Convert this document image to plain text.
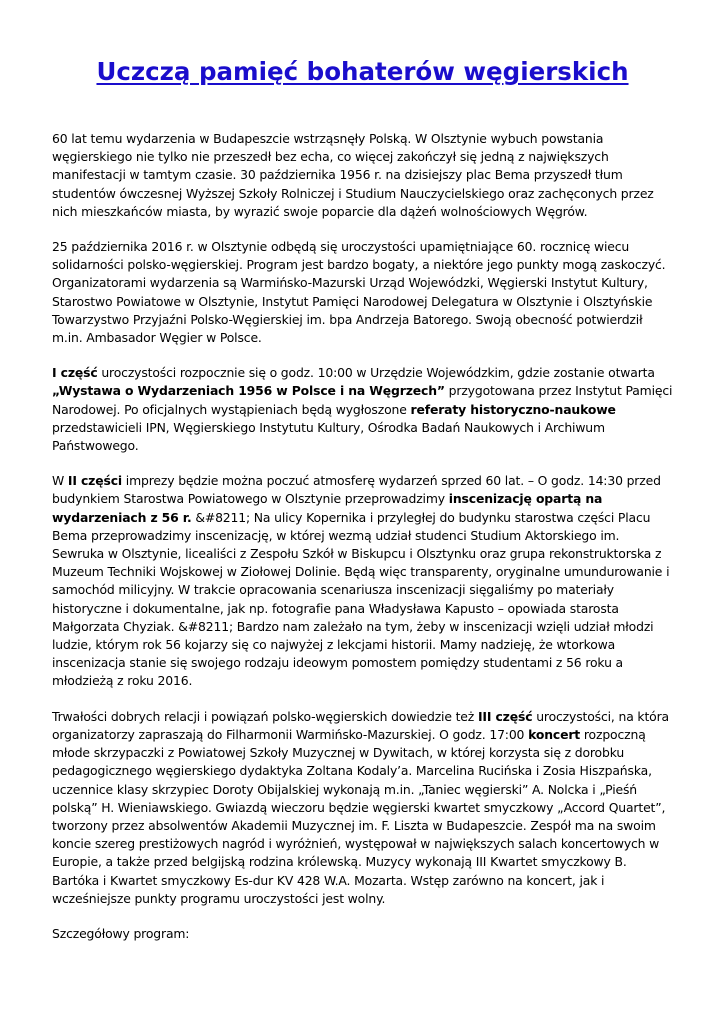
Uczczą pamięć bohaterów węgierskich

60 lat temu wydarzenia w Budapeszcie wstrząsnęły Polską. W Olsztynie wybuch powstania węgierskiego nie tylko nie przeszedł bez echa, co więcej zakończył się jedną z największych manifestacji w tamtym czasie. 30 października 1956 r. na dzisiejszy plac Bema przyszedł tłum studentów ówczesnej Wyższej Szkoły Rolniczej i Studium Nauczycielskiego oraz zachęconych przez nich mieszkańców miasta, by wyrazić swoje poparcie dla dążeń wolnościowych Węgrów.

25 października 2016 r. w Olsztynie odbędą się uroczystości upamiętniające 60. rocznicę wiecu solidarności polsko-węgierskiej. Program jest bardzo bogaty, a niektóre jego punkty mogą zaskoczyć. Organizatorami wydarzenia są Warmińsko-Mazurski Urząd Wojewódzki, Węgierski Instytut Kultury, Starostwo Powiatowe w Olsztynie, Instytut Pamięci Narodowej Delegatura w Olsztynie i Olsztyńskie Towarzystwo Przyjaźni Polsko-Węgierskiej im. bpa Andrzeja Batorego. Swoją obecność potwierdził m.in. Ambasador Węgier w Polsce.

I część uroczystości rozpocznie się o godz. 10:00 w Urzędzie Wojewódzkim, gdzie zostanie otwarta „Wystawa o Wydarzeniach 1956 w Polsce i na Węgrzech” przygotowana przez Instytut Pamięci Narodowej. Po oficjalnych wystąpieniach będą wygłoszone referaty historyczno-naukowe przedstawicieli IPN, Węgierskiego Instytutu Kultury, Ośrodka Badań Naukowych i Archiwum Państwowego.

W II części imprezy będzie można poczuć atmosferę wydarzeń sprzed 60 lat. – O godz. 14:30 przed budynkiem Starostwa Powiatowego w Olsztynie przeprowadzimy inscenizację opartą na wydarzeniach z 56 r. &#8211; Na ulicy Kopernika i przyległej do budynku starostwa części Placu Bema przeprowadzimy inscenizację, w której wezmą udział studenci Studium Aktorskiego im. Sewruka w Olsztynie, licealiści z Zespołu Szkół w Biskupcu i Olsztynku oraz grupa rekonstruktorska z Muzeum Techniki Wojskowej w Ziołowej Dolinie. Będą więc transparenty, oryginalne umundurowanie i samochód milicyjny. W trakcie opracowania scenariusza inscenizacji sięgaliśmy po materiały historyczne i dokumentalne, jak np. fotografie pana Władysława Kapusto – opowiada starosta Małgorzata Chyziak. &#8211; Bardzo nam zależało na tym, żeby w inscenizacji wzięli udział młodzi ludzie, którym rok 56 kojarzy się co najwyżej z lekcjami historii. Mamy nadzieję, że wtorkowa inscenizacja stanie się swojego rodzaju ideowym pomostem pomiędzy studentami z 56 roku a młodzieżą z roku 2016.

Trwałości dobrych relacji i powiązań polsko-węgierskich dowiedzie też III część uroczystości, na która organizatorzy zapraszają do Filharmonii Warmińsko-Mazurskiej. O godz. 17:00 koncert rozpoczną młode skrzypaczki z Powiatowej Szkoły Muzycznej w Dywitach, w której korzysta się z dorobku pedagogicznego węgierskiego dydaktyka Zoltana Kodaly’a. Marcelina Rucińska i Zosia Hiszpańska, uczennice klasy skrzypiec Doroty Obijalskiej wykonają m.in. „Taniec węgierski” A. Nolcka i „Pieśń polską” H. Wieniawskiego. Gwiazdą wieczoru będzie węgierski kwartet smyczkowy „Accord Quartet”, tworzony przez absolwentów Akademii Muzycznej im. F. Liszta w Budapeszcie. Zespół ma na swoim koncie szereg prestiżowych nagród i wyróżnień, występował w największych salach koncertowych w Europie, a także przed belgijską rodzina królewską. Muzycy wykonają III Kwartet smyczkowy B. Bartóka i Kwartet smyczkowy Es-dur KV 428 W.A. Mozarta. Wstęp zarówno na koncert, jak i wcześniejsze punkty programu uroczystości jest wolny.

Szczegółowy program:
